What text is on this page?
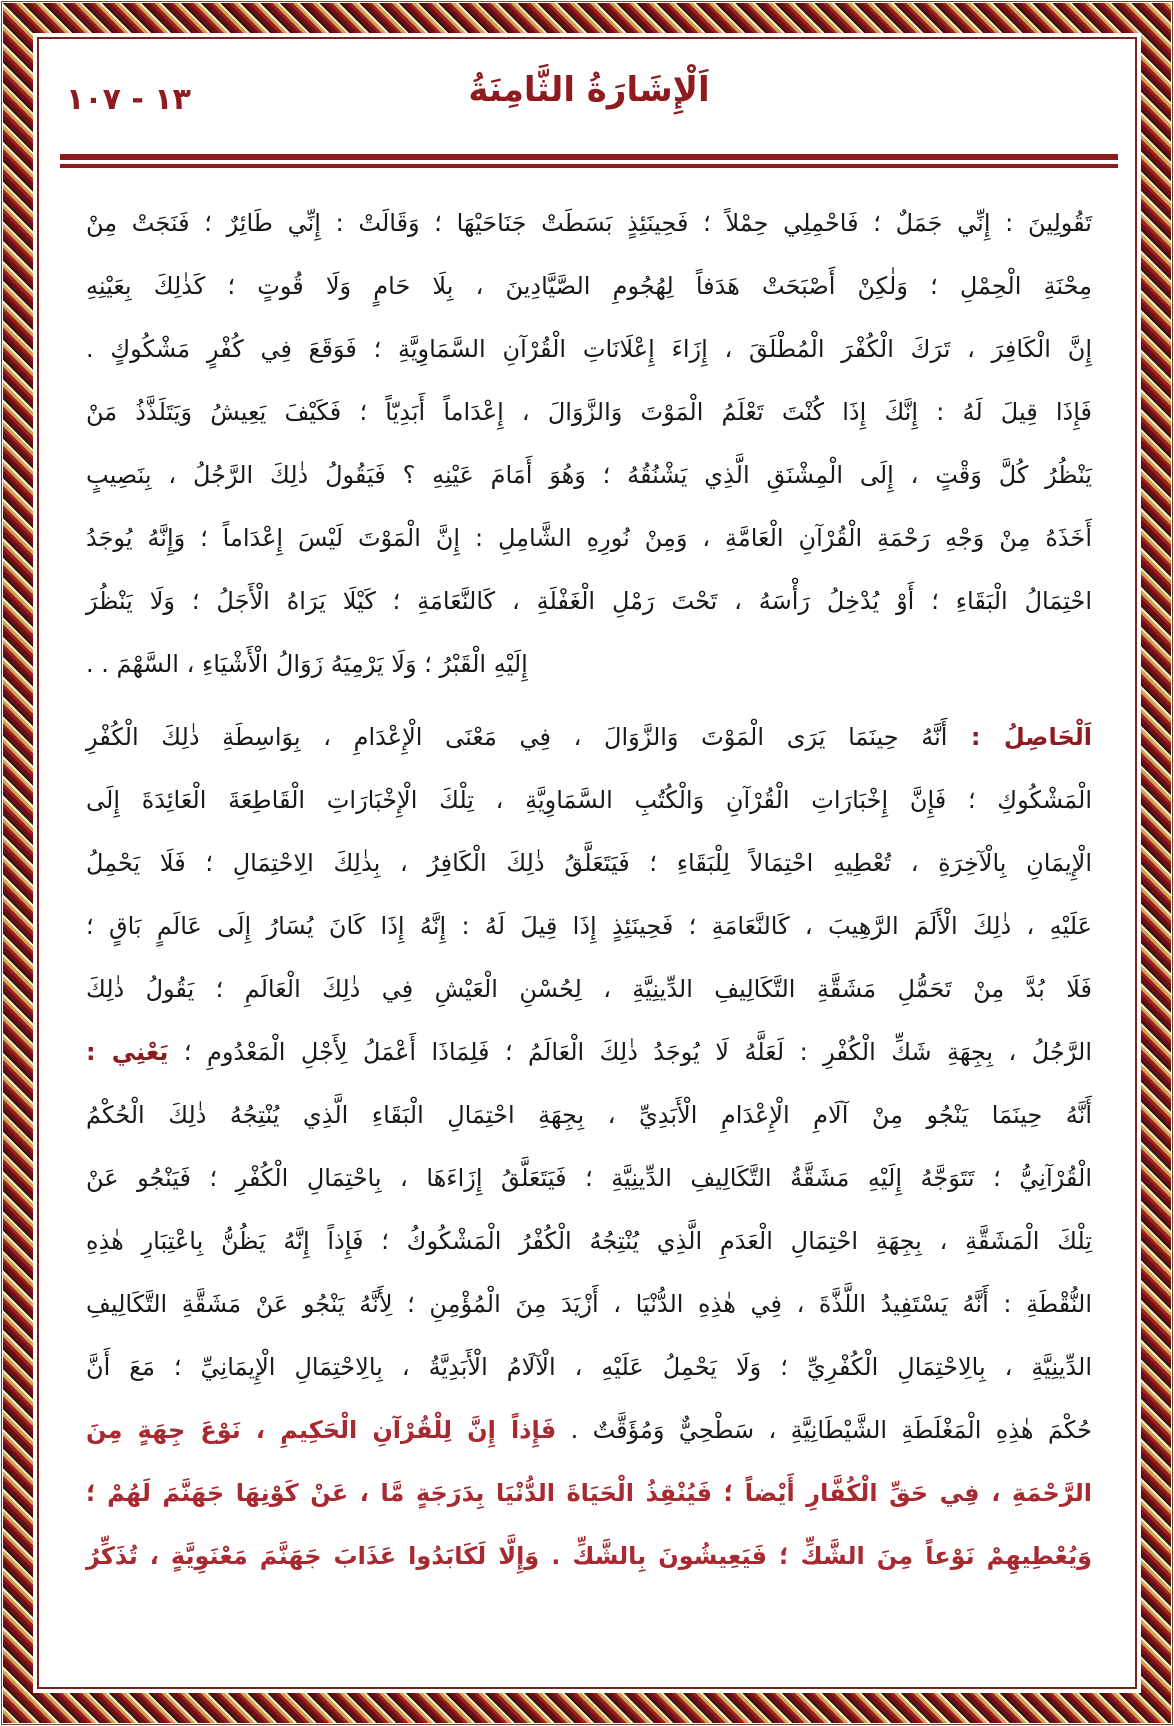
١٣ - ١٠٧	اَلْإِشَارَةُ الثَّامِنَةُ
تَقُولِينَ : إِنِّي جَمَلٌ ؛ فَاحْمِلِي حِمْلاً ؛ فَحِينَئِذٍ بَسَطَتْ جَنَاحَيْهَا ؛ وَقَالَتْ : إِنِّي طَائِرٌ ؛ فَنَجَتْ مِنْ
مِحْنَةِ الْحِمْلِ ؛ وَلٰكِنْ أَصْبَحَتْ هَدَفاً لِهُجُومِ الصَّيَّادِينَ ، بِلَا حَامٍ وَلَا قُوتٍ ؛ كَذٰلِكَ بِعَيْنِهِ
إِنَّ الْكَافِرَ ، تَرَكَ الْكُفْرَ الْمُطْلَقَ ، إِزَاءَ إِعْلَانَاتِ الْقُرْآنِ السَّمَاوِيَّةِ ؛ فَوَقَعَ فِي كُفْرٍ مَشْكُوكٍ .
فَإِذَا قِيلَ لَهُ : إِنَّكَ إِذَا كُنْتَ تَعْلَمُ الْمَوْتَ وَالزَّوَالَ ، إِعْدَاماً أَبَدِيّاً ؛ فَكَيْفَ يَعِيشُ وَيَتَلَذَّذُ مَنْ
يَنْظُرُ كُلَّ وَقْتٍ ، إِلَى الْمِشْنَقِ الَّذِي يَشْنُقُهُ ؛ وَهُوَ أَمَامَ عَيْنِهِ ؟ فَيَقُولُ ذٰلِكَ الرَّجُلُ ، بِنَصِيبٍ
أَخَذَهُ مِنْ وَجْهِ رَحْمَةِ الْقُرْآنِ الْعَامَّةِ ، وَمِنْ نُورِهِ الشَّامِلِ : إِنَّ الْمَوْتَ لَيْسَ إِعْدَاماً ؛ وَإِنَّهُ يُوجَدُ
احْتِمَالُ الْبَقَاءِ ؛ أَوْ يُدْخِلُ رَأْسَهُ ، تَحْتَ رَمْلِ الْغَفْلَةِ ، كَالنَّعَامَةِ ؛ كَيْلَا يَرَاهُ الْأَجَلُ ؛ وَلَا يَنْظُرَ
إِلَيْهِ الْقَبْرُ ؛ وَلَا يَرْمِيَهُ زَوَالُ الْأَشْيَاءِ ، السَّهْمَ . .
اَلْحَاصِلُ : أَنَّهُ حِينَمَا يَرَى الْمَوْتَ وَالزَّوَالَ ، فِي مَعْنَى الْإِعْدَامِ ، بِوَاسِطَةِ ذٰلِكَ الْكُفْرِ
الْمَشْكُوكِ ؛ فَإِنَّ إِخْبَارَاتِ الْقُرْآنِ وَالْكُتُبِ السَّمَاوِيَّةِ ، تِلْكَ الْإِخْبَارَاتِ الْقَاطِعَةَ الْعَائِدَةَ إِلَى
الْإِيمَانِ بِالْآخِرَةِ ، تُعْطِيهِ احْتِمَالاً لِلْبَقَاءِ ؛ فَيَتَعَلَّقُ ذٰلِكَ الْكَافِرُ ، بِذٰلِكَ الِاحْتِمَالِ ؛ فَلَا يَحْمِلُ
عَلَيْهِ ، ذٰلِكَ الْأَلَمَ الرَّهِيبَ ، كَالنَّعَامَةِ ؛ فَحِينَئِذٍ إِذَا قِيلَ لَهُ : إِنَّهُ إِذَا كَانَ يُسَارُ إِلَى عَالَمٍ بَاقٍ ؛
فَلَا بُدَّ مِنْ تَحَمُّلِ مَشَقَّةِ التَّكَالِيفِ الدِّينِيَّةِ ، لِحُسْنِ الْعَيْشِ فِي ذٰلِكَ الْعَالَمِ ؛ يَقُولُ ذٰلِكَ
الرَّجُلُ ، بِجِهَةِ شَكِّ الْكُفْرِ : لَعَلَّهُ لَا يُوجَدُ ذٰلِكَ الْعَالَمُ ؛ فَلِمَاذَا أَعْمَلُ لِأَجْلِ الْمَعْدُومِ ؛ يَعْنِي :
أَنَّهُ حِينَمَا يَنْجُو مِنْ آلَامِ الْإِعْدَامِ الْأَبَدِيِّ ، بِجِهَةِ احْتِمَالِ الْبَقَاءِ الَّذِي يُنْتِجُهُ ذٰلِكَ الْحُكْمُ
الْقُرْآنِيُّ ؛ تَتَوَجَّهُ إِلَيْهِ مَشَقَّةُ التَّكَالِيفِ الدِّينِيَّةِ ؛ فَيَتَعَلَّقُ إِزَاءَهَا ، بِاحْتِمَالِ الْكُفْرِ ؛ فَيَنْجُو عَنْ
تِلْكَ الْمَشَقَّةِ ، بِجِهَةِ احْتِمَالِ الْعَدَمِ الَّذِي يُنْتِجُهُ الْكُفْرُ الْمَشْكُوكُ ؛ فَإِذاً إِنَّهُ يَظُنُّ بِاعْتِبَارِ هٰذِهِ
النُّقْطَةِ : أَنَّهُ يَسْتَفِيدُ اللَّذَّةَ ، فِي هٰذِهِ الدُّنْيَا ، أَزْيَدَ مِنَ الْمُؤْمِنِ ؛ لِأَنَّهُ يَنْجُو عَنْ مَشَقَّةِ التَّكَالِيفِ
الدِّينِيَّةِ ، بِالِاحْتِمَالِ الْكُفْرِيِّ ؛ وَلَا يَحْمِلُ عَلَيْهِ ، الْآلَامُ الْأَبَدِيَّةُ ، بِالِاحْتِمَالِ الْإِيمَانِيِّ ؛ مَعَ أَنَّ
حُكْمَ هٰذِهِ الْمَغْلَطَةِ الشَّيْطَانِيَّةِ ، سَطْحِيٌّ وَمُؤَقَّتٌ . فَإِذاً إِنَّ لِلْقُرْآنِ الْحَكِيمِ ، نَوْعَ جِهَةٍ مِنَ
الرَّحْمَةِ ، فِي حَقِّ الْكُفَّارِ أَيْضاً ؛ فَيُنْقِذُ الْحَيَاةَ الدُّنْيَا بِدَرَجَةٍ مَّا ، عَنْ كَوْنِهَا جَهَنَّمَ لَهُمْ ؛
وَيُعْطِيهِمْ نَوْعاً مِنَ الشَّكِّ ؛ فَيَعِيشُونَ بِالشَّكِّ . وَإِلَّا لَكَابَدُوا عَذَابَ جَهَنَّمَ مَعْنَوِيَّةٍ ، تُذَكِّرُ
